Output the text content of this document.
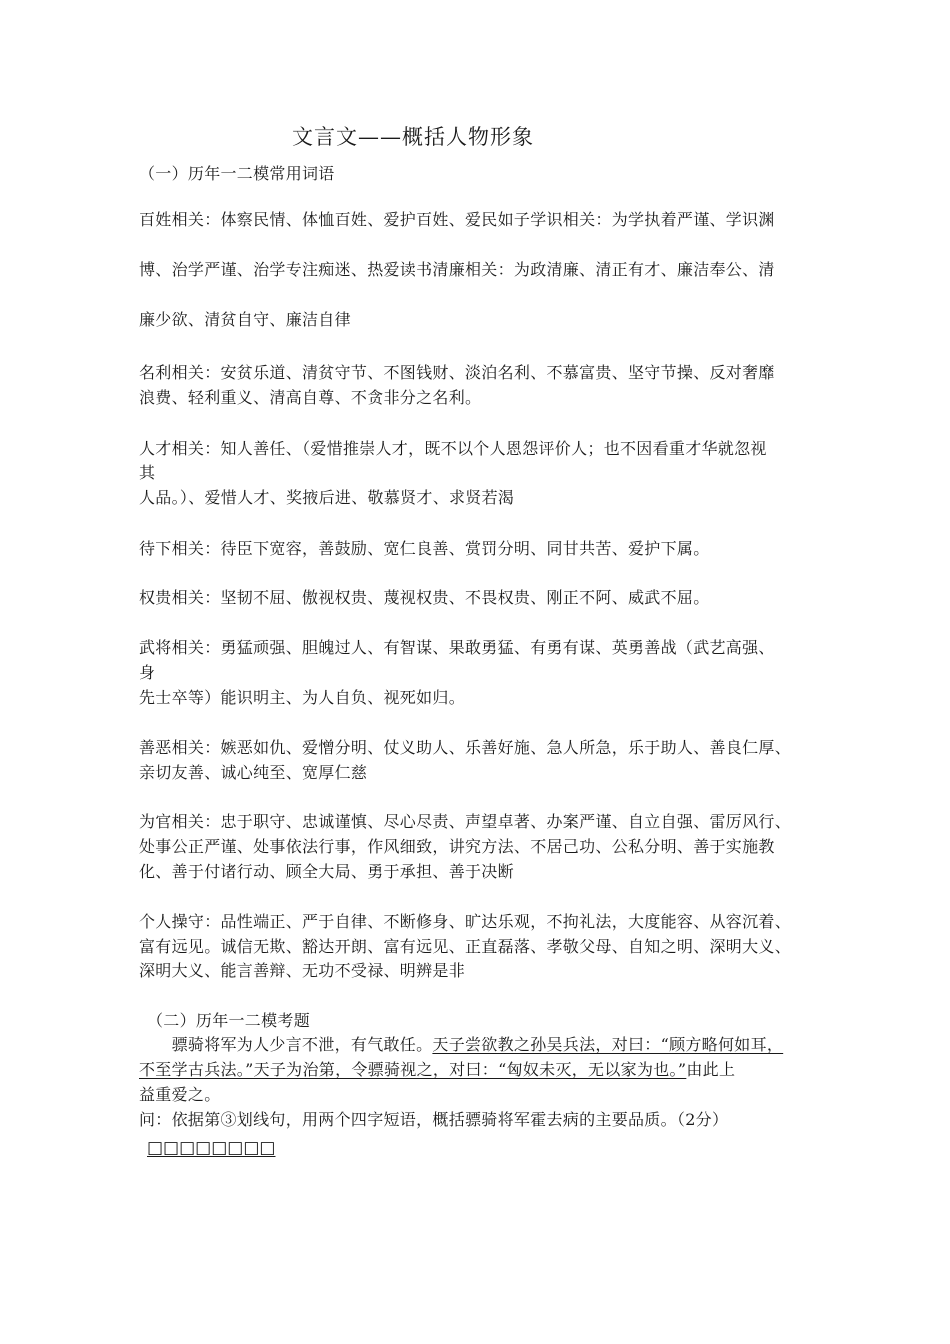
文言文——概括人物形象
（一）历年一二模常用词语
百姓相关：体察民情、体恤百姓、爱护百姓、爱民如子学识相关：为学执着严谨、学识渊
博、治学严谨、治学专注痴迷、热爱读书清廉相关：为政清廉、清正有才、廉洁奉公、清
廉少欲、清贫自守、廉洁自律
名利相关：安贫乐道、清贫守节、不图钱财、淡泊名利、不慕富贵、坚守节操、反对奢靡
浪费、轻利重义、清高自尊、不贪非分之名利。
人才相关：知人善任、（爱惜推崇人才，既不以个人恩怨评价人；也不因看重才华就忽视
其
人品。）、爱惜人才、奖掖后进、敬慕贤才、求贤若渴
待下相关：待臣下宽容，善鼓励、宽仁良善、赏罚分明、同甘共苦、爱护下属。
权贵相关：坚韧不屈、傲视权贵、蔑视权贵、不畏权贵、刚正不阿、威武不屈。
武将相关：勇猛顽强、胆魄过人、有智谋、果敢勇猛、有勇有谋、英勇善战（武艺高强、
身
先士卒等）能识明主、为人自负、视死如归。
善恶相关：嫉恶如仇、爱憎分明、仗义助人、乐善好施、急人所急，乐于助人、善良仁厚、
亲切友善、诚心纯至、宽厚仁慈
为官相关：忠于职守、忠诚谨慎、尽心尽责、声望卓著、办案严谨、自立自强、雷厉风行、
处事公正严谨、处事依法行事，作风细致，讲究方法、不居己功、公私分明、善于实施教
化、善于付诸行动、顾全大局、勇于承担、善于决断
个人操守：品性端正、严于自律、不断修身、旷达乐观，不拘礼法，大度能容、从容沉着、
富有远见。诚信无欺、豁达开朗、富有远见、正直磊落、孝敬父母、自知之明、深明大义、
深明大义、能言善辩、无功不受禄、明辨是非
（二）历年一二模考题
　　骠骑将军为人少言不泄，有气敢任。天子尝欲教之孙吴兵法，对曰：“顾方略何如耳，
不至学古兵法。”天子为治第，令骠骑视之，对曰：“匈奴未灭，无以家为也。”由此上
益重爱之。
问：依据第③划线句，用两个四字短语，概括骠骑将军霍去病的主要品质。（2分）
□□□□□□□□
